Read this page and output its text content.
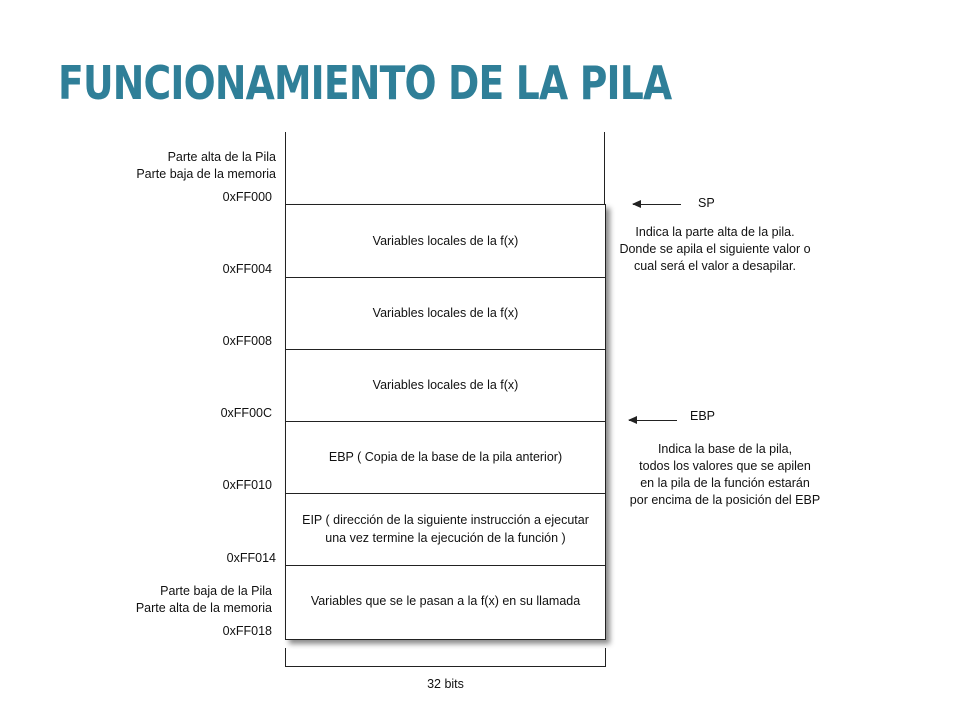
FUNCIONAMIENTO DE LA PILA
Parte alta de la Pila
Parte baja de la memoria
0xFF000
0xFF004
0xFF008
0xFF00C
0xFF010
0xFF014
Parte baja de la Pila
Parte alta de la memoria
0xFF018
Variables locales de la f(x)
Variables locales de la f(x)
Variables locales de la f(x)
EBP ( Copia de la base de la pila anterior)
EIP ( dirección de la siguiente instrucción a ejecutar
una vez termine la ejecución de la función )
Variables que se le pasan a la f(x) en su llamada
32 bits
SP
Indica la parte alta de la pila.
Donde se apila el siguiente valor o
cual será el valor a desapilar.
EBP
Indica la base de la pila,
todos los valores que se apilen
en la pila de la función estarán
por encima de la posición del EBP
